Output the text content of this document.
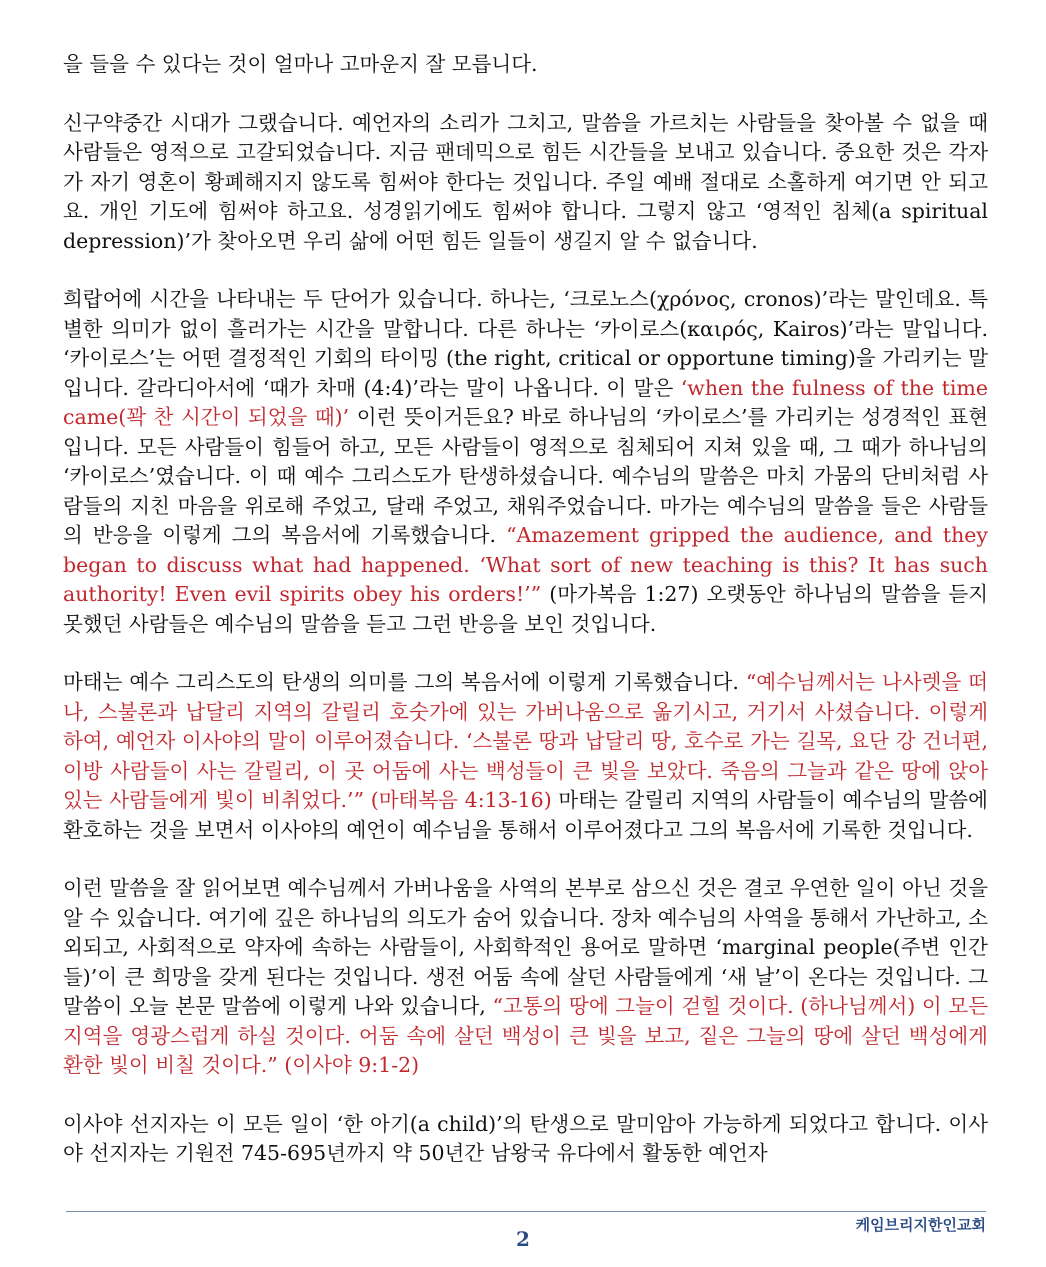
을 들을 수 있다는 것이 얼마나 고마운지 잘 모릅니다.

신구약중간 시대가 그랬습니다. 예언자의 소리가 그치고, 말씀을 가르치는 사람들을 찾아볼 수 없을 때 사람들은 영적으로 고갈되었습니다. 지금 팬데믹으로 힘든 시간들을 보내고 있습니다. 중요한 것은 각자가 자기 영혼이 황폐해지지 않도록 힘써야 한다는 것입니다. 주일 예배 절대로 소홀하게 여기면 안 되고요. 개인 기도에 힘써야 하고요. 성경읽기에도 힘써야 합니다. 그렇지 않고 ‘영적인 침체(a spiritual depression)’가 찾아오면 우리 삶에 어떤 힘든 일들이 생길지 알 수 없습니다.

희랍어에 시간을 나타내는 두 단어가 있습니다. 하나는, ‘크로노스(χρόνος, cronos)’라는 말인데요. 특별한 의미가 없이 흘러가는 시간을 말합니다. 다른 하나는 ‘카이로스(καιρός, Kairos)’라는 말입니다. ‘카이로스’는 어떤 결정적인 기회의 타이밍 (the right, critical or opportune timing)을 가리키는 말입니다. 갈라디아서에 ‘때가 차매 (4:4)’라는 말이 나옵니다. 이 말은 ‘when the fulness of the time came(꽉 찬 시간이 되었을 때)’ 이런 뜻이거든요? 바로 하나님의 ‘카이로스’를 가리키는 성경적인 표현입니다. 모든 사람들이 힘들어 하고, 모든 사람들이 영적으로 침체되어 지쳐 있을 때, 그 때가 하나님의 ‘카이로스’였습니다. 이 때 예수 그리스도가 탄생하셨습니다. 예수님의 말씀은 마치 가뭄의 단비처럼 사람들의 지친 마음을 위로해 주었고, 달래 주었고, 채워주었습니다. 마가는 예수님의 말씀을 들은 사람들의 반응을 이렇게 그의 복음서에 기록했습니다. “Amazement gripped the audience, and they began to discuss what had happened. ‘What sort of new teaching is this? It has such authority! Even evil spirits obey his orders!’” (마가복음 1:27) 오랫동안 하나님의 말씀을 듣지 못했던 사람들은 예수님의 말씀을 듣고 그런 반응을 보인 것입니다.

마태는 예수 그리스도의 탄생의 의미를 그의 복음서에 이렇게 기록했습니다. “예수님께서는 나사렛을 떠나, 스불론과 납달리 지역의 갈릴리 호숫가에 있는 가버나움으로 옮기시고, 거기서 사셨습니다. 이렇게 하여, 예언자 이사야의 말이 이루어졌습니다. ‘스불론 땅과 납달리 땅, 호수로 가는 길목, 요단 강 건너편, 이방 사람들이 사는 갈릴리, 이 곳 어둠에 사는 백성들이 큰 빛을 보았다. 죽음의 그늘과 같은 땅에 앉아 있는 사람들에게 빛이 비취었다.’” (마태복음 4:13-16) 마태는 갈릴리 지역의 사람들이 예수님의 말씀에 환호하는 것을 보면서 이사야의 예언이 예수님을 통해서 이루어졌다고 그의 복음서에 기록한 것입니다.

이런 말씀을 잘 읽어보면 예수님께서 가버나움을 사역의 본부로 삼으신 것은 결코 우연한 일이 아닌 것을 알 수 있습니다. 여기에 깊은 하나님의 의도가 숨어 있습니다. 장차 예수님의 사역을 통해서 가난하고, 소외되고, 사회적으로 약자에 속하는 사람들이, 사회학적인 용어로 말하면 ‘marginal people(주변 인간들)’이 큰 희망을 갖게 된다는 것입니다. 생전 어둠 속에 살던 사람들에게 ‘새 날’이 온다는 것입니다. 그 말씀이 오늘 본문 말씀에 이렇게 나와 있습니다, “고통의 땅에 그늘이 걷힐 것이다. (하나님께서) 이 모든 지역을 영광스럽게 하실 것이다. 어둠 속에 살던 백성이 큰 빛을 보고, 짙은 그늘의 땅에 살던 백성에게 환한 빛이 비칠 것이다.” (이사야 9:1-2)

이사야 선지자는 이 모든 일이 ‘한 아기(a child)’의 탄생으로 말미암아 가능하게 되었다고 합니다. 이사야 선지자는 기원전 745-695년까지 약 50년간 남왕국 유다에서 활동한 예언자

2
케임브리지한인교회
